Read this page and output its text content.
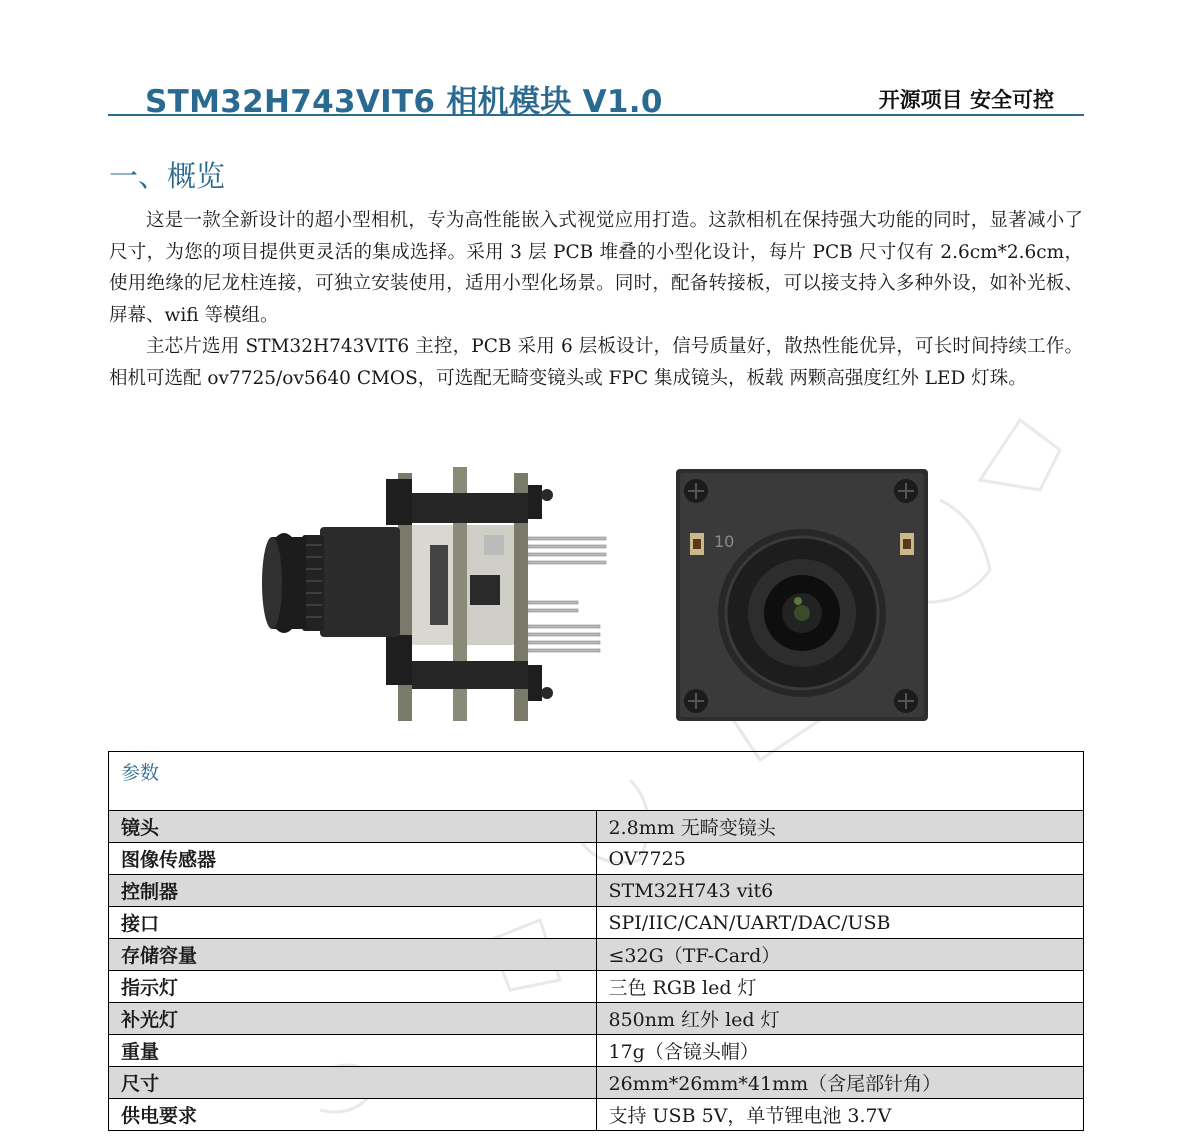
STM32H743VIT6 相机模块 V1.0	开源项目 安全可控
一、概览

这是一款全新设计的超小型相机，专为高性能嵌入式视觉应用打造。这款相机在保持强大功能的同时，显著减小了尺寸，为您的项目提供更灵活的集成选择。采用 3 层 PCB 堆叠的小型化设计，每片 PCB 尺寸仅有 2.6cm*2.6cm，使用绝缘的尼龙柱连接，可独立安装使用，适用小型化场景。同时，配备转接板，可以接支持入多种外设，如补光板、屏幕、wifi 等模组。

主芯片选用 STM32H743VIT6 主控，PCB 采用 6 层板设计，信号质量好，散热性能优异，可长时间持续工作。相机可选配 ov7725/ov5640 CMOS，可选配无畸变镜头或 FPC 集成镜头，板载 两颗高强度红外 LED 灯珠。

10
参数	
镜头	2.8mm 无畸变镜头
图像传感器	OV7725
控制器	STM32H743 vit6
接口	SPI/IIC/CAN/UART/DAC/USB
存储容量	≤32G（TF-Card）
指示灯	三色 RGB led 灯
补光灯	850nm 红外 led 灯
重量	17g（含镜头帽）
尺寸	26mm*26mm*41mm（含尾部针角）
供电要求	支持 USB 5V，单节锂电池 3.7V
